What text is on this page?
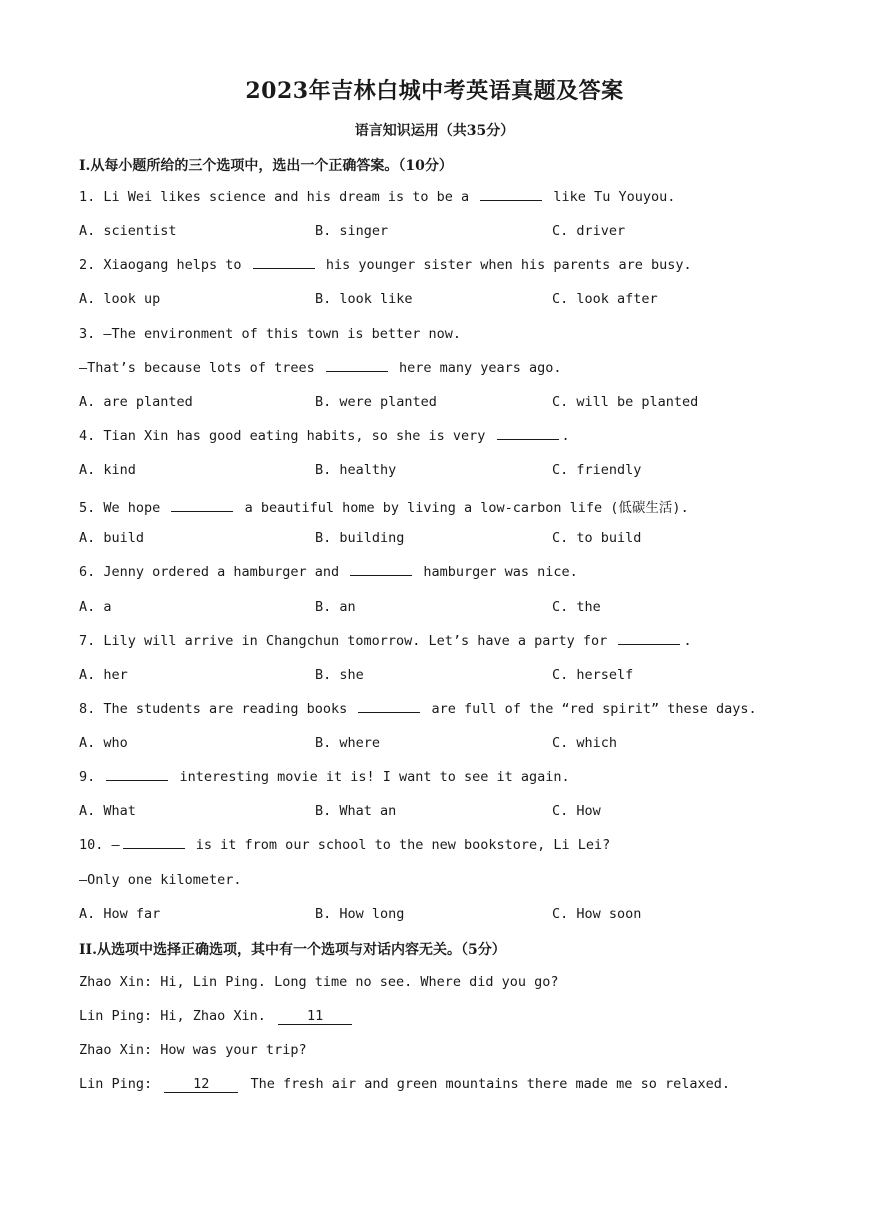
2023年吉林白城中考英语真题及答案
语言知识运用（共35分）
I.从每小题所给的三个选项中，选出一个正确答案。（10分）
1. Li Wei likes science and his dream is to be a	like Tu Youyou.
A. scientist	B. singer	C. driver
2. Xiaogang helps to	his younger sister when his parents are busy.
A. look up	B. look like	C. look after
3. —The environment of this town is better now.
—That’s because lots of trees	here many years ago.
A. are planted	B. were planted	C. will be planted
4. Tian Xin has good eating habits, so she is very	.
A. kind	B. healthy	C. friendly
5. We hope	a beautiful home by living a low-carbon life (低碳生活).
A. build	B. building	C. to build
6. Jenny ordered a hamburger and	hamburger was nice.
A. a	B. an	C. the
7. Lily will arrive in Changchun tomorrow. Let’s have a party for	.
A. her	B. she	C. herself
8. The students are reading books	are full of the “red spirit” these days.
A. who	B. where	C. which
9.	interesting movie it is! I want to see it again.
A. What	B. What an	C. How
10. —	is it from our school to the new bookstore, Li Lei?
—Only one kilometer.
A. How far	B. How long	C. How soon
II.从选项中选择正确选项，其中有一个选项与对话内容无关。（5分）
Zhao Xin: Hi, Lin Ping. Long time no see. Where did you go?
Lin Ping: Hi, Zhao Xin.	11
Zhao Xin: How was your trip?
Lin Ping:	12	The fresh air and green mountains there made me so relaxed.
